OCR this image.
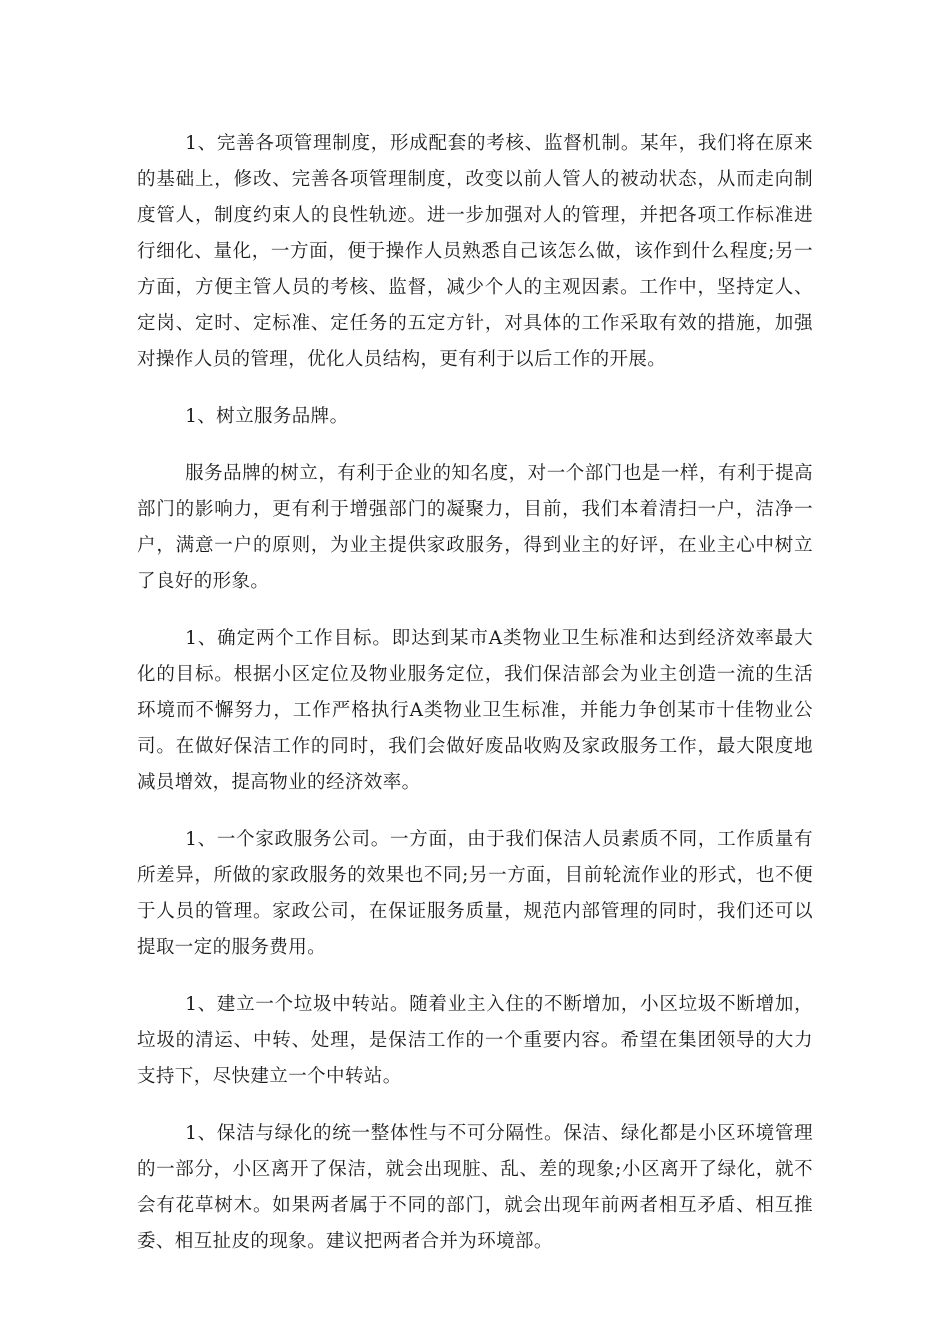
1、完善各项管理制度，形成配套的考核、监督机制。某年，我们将在原来的基础上，修改、完善各项管理制度，改变以前人管人的被动状态，从而走向制度管人，制度约束人的良性轨迹。进一步加强对人的管理，并把各项工作标准进行细化、量化，一方面，便于操作人员熟悉自己该怎么做，该作到什么程度;另一方面，方便主管人员的考核、监督，减少个人的主观因素。工作中，坚持定人、定岗、定时、定标准、定任务的五定方针，对具体的工作采取有效的措施，加强对操作人员的管理，优化人员结构，更有利于以后工作的开展。

1、树立服务品牌。

服务品牌的树立，有利于企业的知名度，对一个部门也是一样，有利于提高部门的影响力，更有利于增强部门的凝聚力，目前，我们本着清扫一户，洁净一户，满意一户的原则，为业主提供家政服务，得到业主的好评，在业主心中树立了良好的形象。

1、确定两个工作目标。即达到某市A类物业卫生标准和达到经济效率最大化的目标。根据小区定位及物业服务定位，我们保洁部会为业主创造一流的生活环境而不懈努力，工作严格执行A类物业卫生标准，并能力争创某市十佳物业公司。在做好保洁工作的同时，我们会做好废品收购及家政服务工作，最大限度地减员增效，提高物业的经济效率。

1、一个家政服务公司。一方面，由于我们保洁人员素质不同，工作质量有所差异，所做的家政服务的效果也不同;另一方面，目前轮流作业的形式，也不便于人员的管理。家政公司，在保证服务质量，规范内部管理的同时，我们还可以提取一定的服务费用。

1、建立一个垃圾中转站。随着业主入住的不断增加，小区垃圾不断增加，垃圾的清运、中转、处理，是保洁工作的一个重要内容。希望在集团领导的大力支持下，尽快建立一个中转站。

1、保洁与绿化的统一整体性与不可分隔性。保洁、绿化都是小区环境管理的一部分，小区离开了保洁，就会出现脏、乱、差的现象;小区离开了绿化，就不会有花草树木。如果两者属于不同的部门，就会出现年前两者相互矛盾、相互推委、相互扯皮的现象。建议把两者合并为环境部。
